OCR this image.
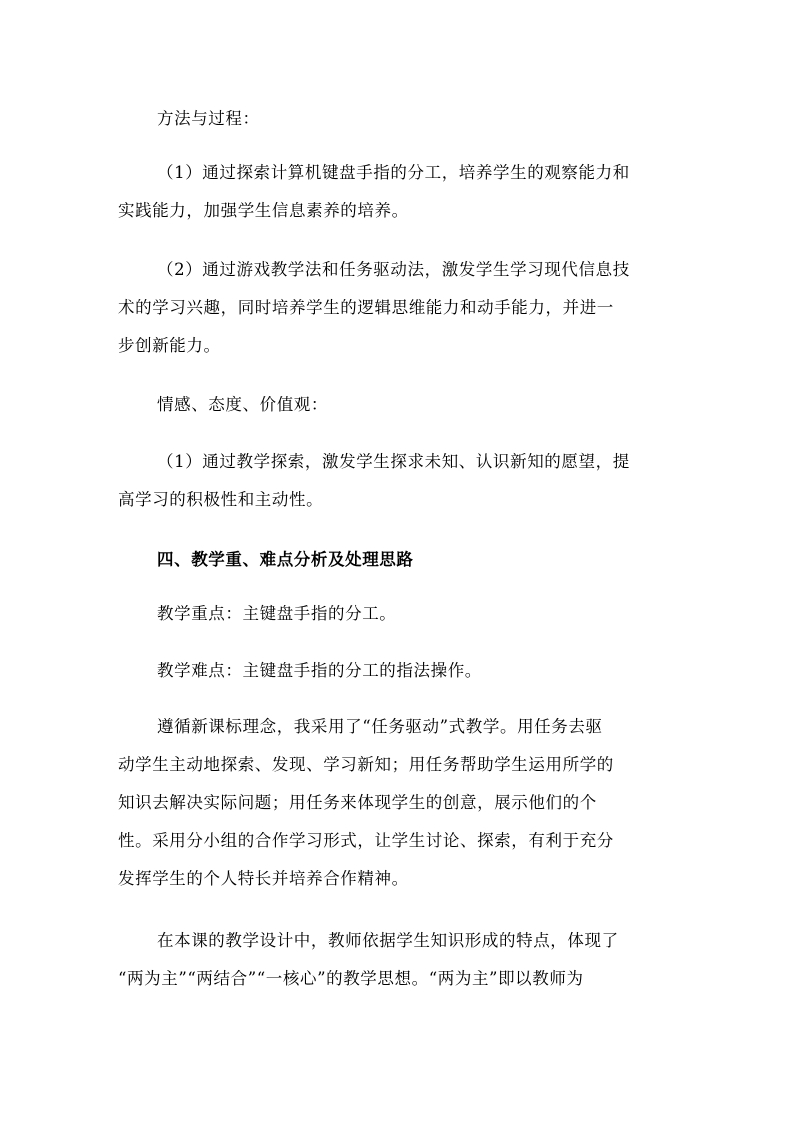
方法与过程：

（1）通过探索计算机键盘手指的分工，培养学生的观察能力和
实践能力，加强学生信息素养的培养。

（2）通过游戏教学法和任务驱动法，激发学生学习现代信息技
术的学习兴趣，同时培养学生的逻辑思维能力和动手能力，并进一
步创新能力。

情感、态度、价值观：

（1）通过教学探索，激发学生探求未知、认识新知的愿望，提
高学习的积极性和主动性。

四、教学重、难点分析及处理思路

教学重点：主键盘手指的分工。

教学难点：主键盘手指的分工的指法操作。

遵循新课标理念，我采用了“任务驱动”式教学。用任务去驱
动学生主动地探索、发现、学习新知；用任务帮助学生运用所学的
知识去解决实际问题；用任务来体现学生的创意，展示他们的个
性。采用分小组的合作学习形式，让学生讨论、探索，有利于充分
发挥学生的个人特长并培养合作精神。

在本课的教学设计中，教师依据学生知识形成的特点，体现了
“两为主”“两结合”“一核心”的教学思想。“两为主”即以教师为
